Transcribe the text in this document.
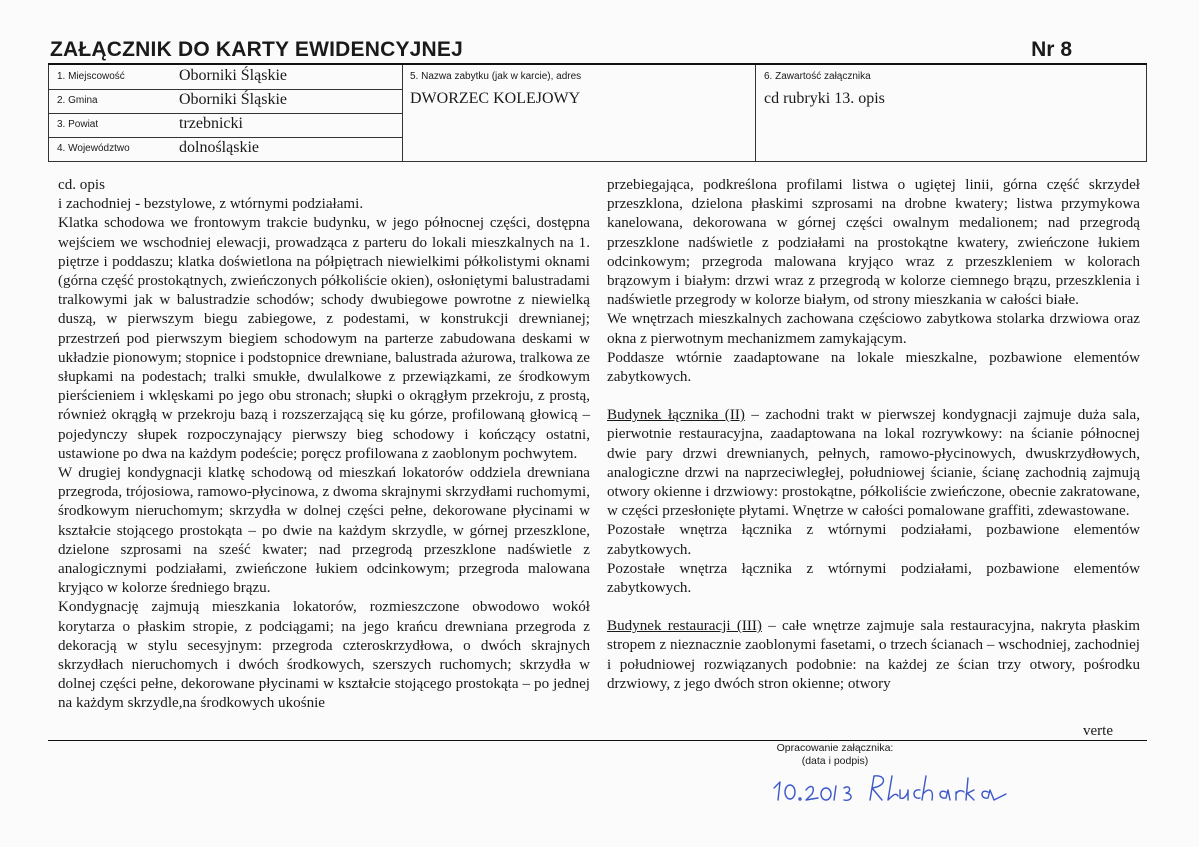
ZAŁĄCZNIK DO KARTY EWIDENCYJNEJ	Nr 8
1. Miejscowość	Oborniki Śląskie
2. Gmina	Oborniki Śląskie
3. Powiat	trzebnicki
4. Województwo	dolnośląskie
5. Nazwa zabytku (jak w karcie), adres
DWORZEC KOLEJOWY
6. Zawartość załącznika
cd rubryki 13. opis

cd. opis

i zachodniej - bezstylowe, z wtórnymi podziałami.

Klatka schodowa we frontowym trakcie budynku, w jego północnej części, dostępna wejściem we wschodniej elewacji, prowadząca z parteru do lokali mieszkalnych na 1. piętrze i poddaszu; klatka doświetlona na półpiętrach niewielkimi półkolistymi oknami (górna część prostokątnych, zwieńczonych półkoliście okien), osłoniętymi balustradami tralkowymi jak w balustradzie schodów; schody dwubiegowe powrotne z niewielką duszą, w pierwszym biegu zabiegowe, z podestami, w konstrukcji drewnianej; przestrzeń pod pierwszym biegiem schodowym na parterze zabudowana deskami w układzie pionowym; stopnice i podstopnice drewniane, balustrada ażurowa, tralkowa ze słupkami na podestach; tralki smukłe, dwulalkowe z przewiązkami, ze środkowym pierścieniem i wklęskami po jego obu stronach; słupki o okrągłym przekroju, z prostą, również okrągłą w przekroju bazą i rozszerzającą się ku górze, profilowaną głowicą – pojedynczy słupek rozpoczynający pierwszy bieg schodowy i kończący ostatni, ustawione po dwa na każdym podeście; poręcz profilowana z zaoblonym pochwytem.

W drugiej kondygnacji klatkę schodową od mieszkań lokatorów oddziela drewniana przegroda, trójosiowa, ramowo-płycinowa, z dwoma skrajnymi skrzydłami ruchomymi, środkowym nieruchomym; skrzydła w dolnej części pełne, dekorowane płycinami w kształcie stojącego prostokąta – po dwie na każdym skrzydle, w górnej przeszklone, dzielone szprosami na sześć kwater; nad przegrodą przeszklone nadświetle z analogicznymi podziałami, zwieńczone łukiem odcinkowym; przegroda malowana kryjąco w kolorze średniego brązu.

Kondygnację zajmują mieszkania lokatorów, rozmieszczone obwodowo wokół korytarza o płaskim stropie, z podciągami; na jego krańcu drewniana przegroda z dekoracją w stylu secesyjnym: przegroda czteroskrzydłowa, o dwóch skrajnych skrzydłach nieruchomych i dwóch środkowych, szerszych ruchomych; skrzydła w dolnej części pełne, dekorowane płycinami w kształcie stojącego prostokąta – po jednej na każdym skrzydle,na środkowych ukośnie

przebiegająca, podkreślona profilami listwa o ugiętej linii, górna część skrzydeł przeszklona, dzielona płaskimi szprosami na drobne kwatery; listwa przymykowa kanelowana, dekorowana w górnej części owalnym medalionem; nad przegrodą przeszklone nadświetle z podziałami na prostokątne kwatery, zwieńczone łukiem odcinkowym; przegroda malowana kryjąco wraz z przeszkleniem w kolorach brązowym i białym: drzwi wraz z przegrodą w kolorze ciemnego brązu, przeszklenia i nadświetle przegrody w kolorze białym, od strony mieszkania w całości białe.

We wnętrzach mieszkalnych zachowana częściowo zabytkowa stolarka drzwiowa oraz okna z pierwotnym mechanizmem zamykającym.

Poddasze wtórnie zaadaptowane na lokale mieszkalne, pozbawione elementów zabytkowych.

Budynek łącznika (II) – zachodni trakt w pierwszej kondygnacji zajmuje duża sala, pierwotnie restauracyjna, zaadaptowana na lokal rozrywkowy: na ścianie północnej dwie pary drzwi drewnianych, pełnych, ramowo-płycinowych, dwuskrzydłowych, analogiczne drzwi na naprzeciwległej, południowej ścianie, ścianę zachodnią zajmują otwory okienne i drzwiowy: prostokątne, półkoliście zwieńczone, obecnie zakratowane, w części przesłonięte płytami. Wnętrze w całości pomalowane graffiti, zdewastowane.

Pozostałe wnętrza łącznika z wtórnymi podziałami, pozbawione elementów zabytkowych.

Pozostałe wnętrza łącznika z wtórnymi podziałami, pozbawione elementów zabytkowych.

Budynek restauracji (III) – całe wnętrze zajmuje sala restauracyjna, nakryta płaskim stropem z nieznacznie zaoblonymi fasetami, o trzech ścianach – wschodniej, zachodniej i południowej rozwiązanych podobnie: na każdej ze ścian trzy otwory, pośrodku drzwiowy, z jego dwóch stron okienne; otwory

verte
Opracowanie załącznika:
(data i podpis)
